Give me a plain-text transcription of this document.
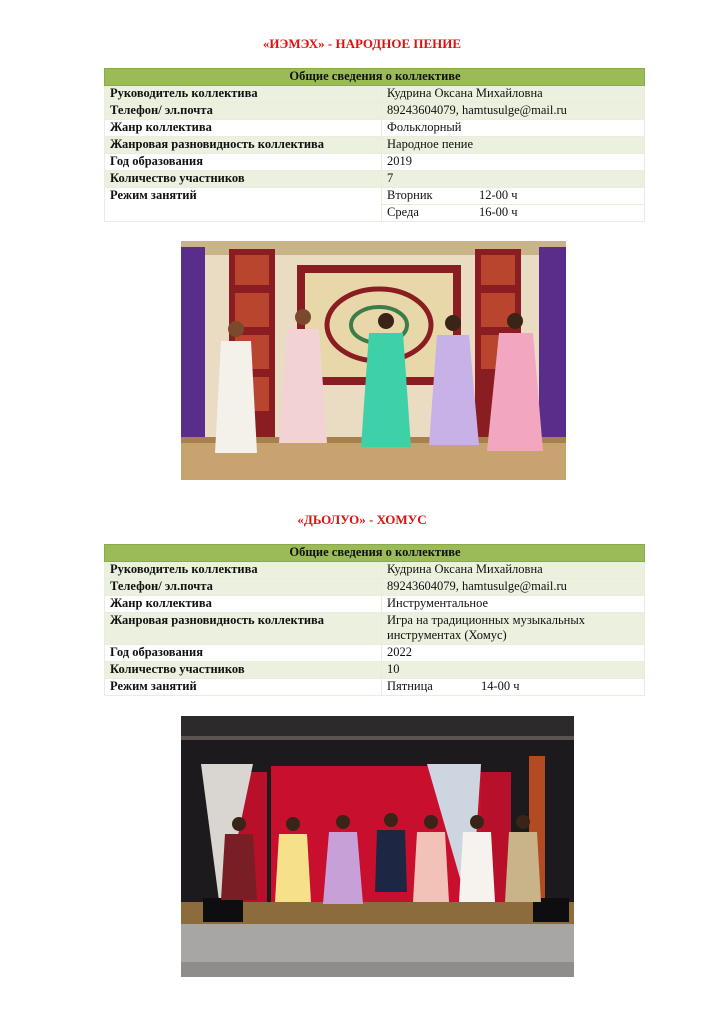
«ИЭМЭХ» - НАРОДНОЕ ПЕНИЕ
Общие сведения о коллективе	
Руководитель коллектива	Кудрина Оксана Михайловна
Телефон/ эл.почта	89243604079, hamtusulge@mail.ru
Жанр коллектива	Фольклорный
Жанровая разновидность коллектива	Народное пение
Год образования	2019
Количество участников	7
Режим занятий	Вторник 12-00 ч
	Среда 16-00 ч
«ДЬОЛУО» - ХОМУС
Общие сведения о коллективе	
Руководитель коллектива	Кудрина Оксана Михайловна
Телефон/ эл.почта	89243604079, hamtusulge@mail.ru
Жанр коллектива	Инструментальное
Жанровая разновидность коллектива	Игра на традиционных музыкальных инструментах (Хомус)
Год образования	2022
Количество участников	10
Режим занятий	Пятница 14-00 ч
